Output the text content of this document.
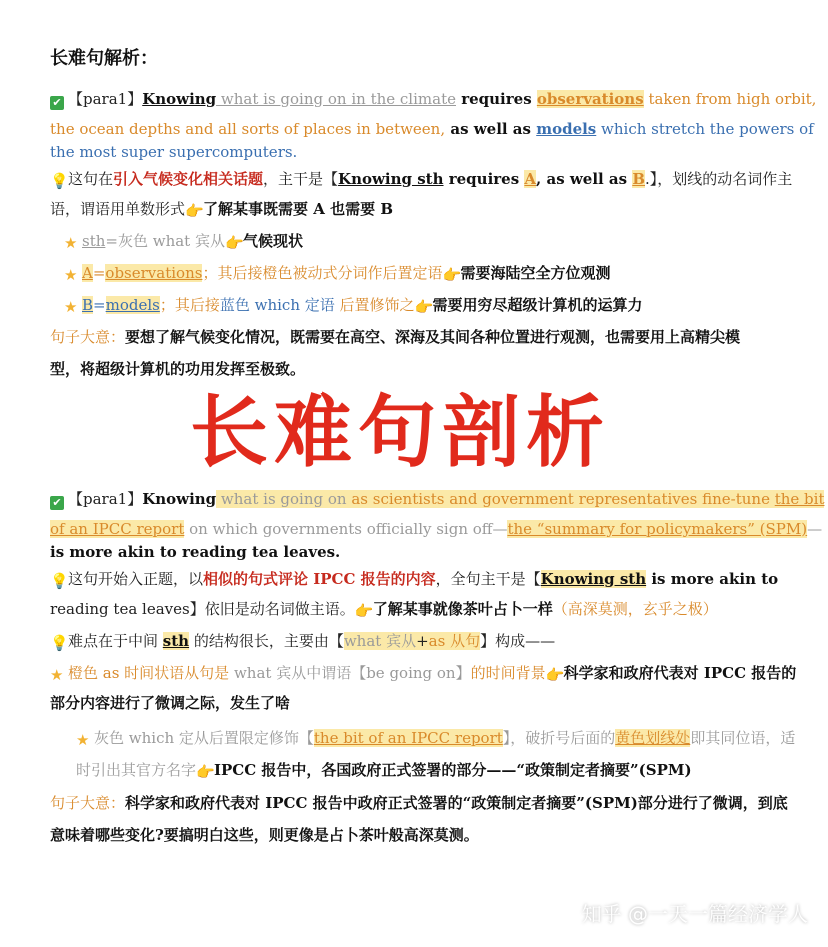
长难句解析：
✔ 【para1】Knowing what is going on in the climate requires observations taken from high orbit,
the ocean depths and all sorts of places in between, as well as models which stretch the powers of
the most super supercomputers.
💡这句在引入气候变化相关话题，主干是【Knowing sth requires A, as well as B.】，划线的动名词作主
语，谓语用单数形式👉了解某事既需要 A 也需要 B
★ sth=灰色 what 宾从👉气候现状
★ A=observations；其后接橙色被动式分词作后置定语👉需要海陆空全方位观测
★ B=models；其后接蓝色 which 定语 后置修饰之👉需要用穷尽超级计算机的运算力
句子大意：要想了解气候变化情况，既需要在高空、深海及其间各种位置进行观测，也需要用上高精尖模
型，将超级计算机的功用发挥至极致。
长难句剖析
✔ 【para1】Knowing what is going on as scientists and government representatives fine-tune the bit
of an IPCC report on which governments officially sign off—the “summary for policymakers” (SPM)—
is more akin to reading tea leaves.
💡这句开始入正题，以相似的句式评论 IPCC 报告的内容，全句主干是【Knowing sth is more akin to
reading tea leaves】依旧是动名词做主语。👉了解某事就像茶叶占卜一样（高深莫测，玄乎之极）
💡难点在于中间 sth 的结构很长，主要由【what 宾从+as 从句】构成——
★ 橙色 as 时间状语从句是 what 宾从中谓语【be going on】的时间背景👉科学家和政府代表对 IPCC 报告的
部分内容进行了微调之际，发生了啥
★ 灰色 which 定从后置限定修饰【the bit of an IPCC report】，破折号后面的黄色划线处即其同位语，适
时引出其官方名字👉IPCC 报告中，各国政府正式签署的部分——“政策制定者摘要”(SPM)
句子大意：科学家和政府代表对 IPCC 报告中政府正式签署的“政策制定者摘要”(SPM)部分进行了微调，到底
意味着哪些变化?要搞明白这些，则更像是占卜茶叶般高深莫测。
知乎 @一天一篇经济学人
